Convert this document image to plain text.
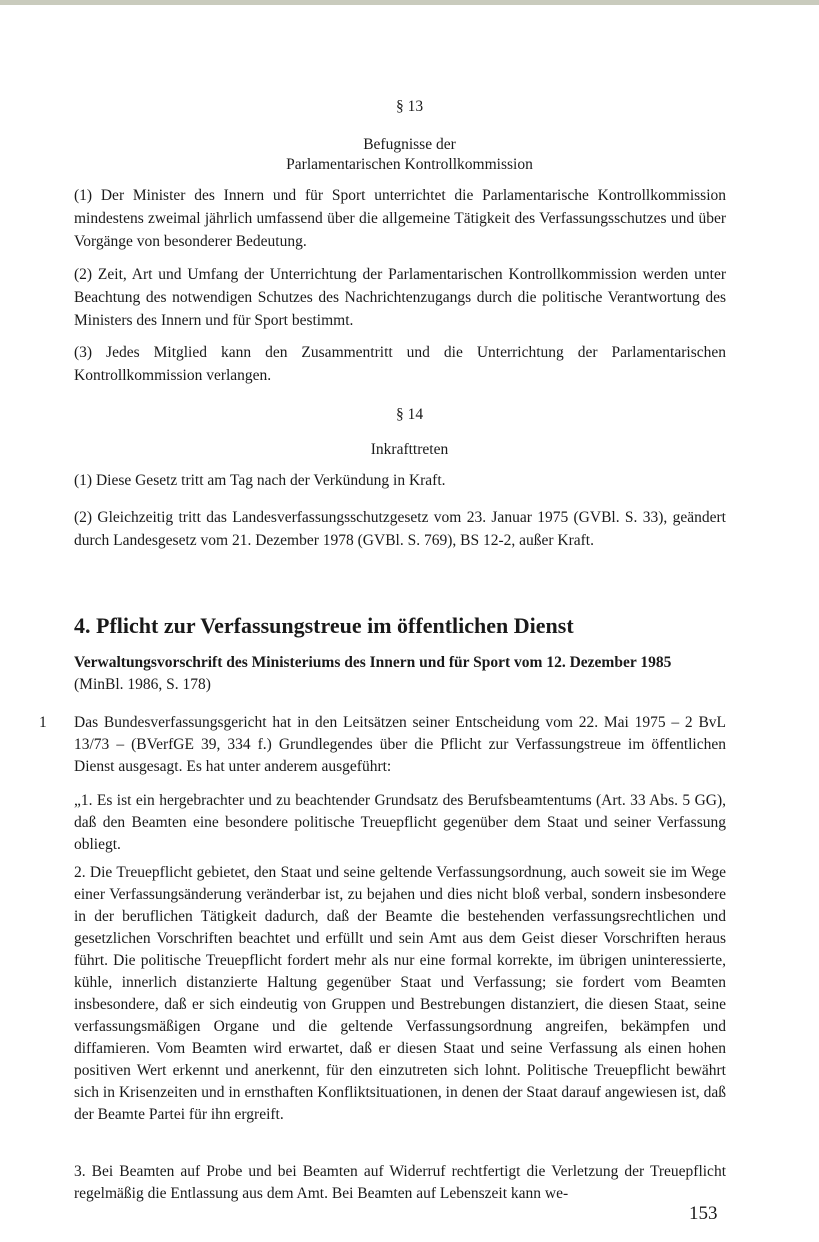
§ 13

Befugnisse der

Parlamentarischen Kontrollkommission

(1) Der Minister des Innern und für Sport unterrichtet die Parlamentarische Kontrollkommission mindestens zweimal jährlich umfassend über die allgemeine Tätigkeit des Verfassungsschutzes und über Vorgänge von besonderer Bedeutung.

(2) Zeit, Art und Umfang der Unterrichtung der Parlamentarischen Kontrollkommission werden unter Beachtung des notwendigen Schutzes des Nachrichtenzugangs durch die politische Verantwortung des Ministers des Innern und für Sport bestimmt.

(3) Jedes Mitglied kann den Zusammentritt und die Unterrichtung der Parlamentarischen Kontrollkommission verlangen.

§ 14

Inkrafttreten

(1) Diese Gesetz tritt am Tag nach der Verkündung in Kraft.

(2) Gleichzeitig tritt das Landesverfassungsschutzgesetz vom 23. Januar 1975 (GVBl. S. 33), geändert durch Landesgesetz vom 21. Dezember 1978 (GVBl. S. 769), BS 12-2, außer Kraft.

4. Pflicht zur Verfassungstreue im öffentlichen Dienst

Verwaltungsvorschrift des Ministeriums des Innern und für Sport vom 12. Dezember 1985
(MinBl. 1986, S. 178)

1 Das Bundesverfassungsgericht hat in den Leitsätzen seiner Entscheidung vom 22. Mai 1975 – 2 BvL 13/73 – (BVerfGE 39, 334 f.) Grundlegendes über die Pflicht zur Verfassungstreue im öffentlichen Dienst ausgesagt. Es hat unter anderem ausgeführt:

„1. Es ist ein hergebrachter und zu beachtender Grundsatz des Berufsbeamtentums (Art. 33 Abs. 5 GG), daß den Beamten eine besondere politische Treuepflicht gegenüber dem Staat und seiner Verfassung obliegt.

2. Die Treuepflicht gebietet, den Staat und seine geltende Verfassungsordnung, auch soweit sie im Wege einer Verfassungsänderung veränderbar ist, zu bejahen und dies nicht bloß verbal, sondern insbesondere in der beruflichen Tätigkeit dadurch, daß der Beamte die bestehenden verfassungsrechtlichen und gesetzlichen Vorschriften beachtet und erfüllt und sein Amt aus dem Geist dieser Vorschriften heraus führt. Die politische Treuepflicht fordert mehr als nur eine formal korrekte, im übrigen uninteressierte, kühle, innerlich distanzierte Haltung gegenüber Staat und Verfassung; sie fordert vom Beamten insbesondere, daß er sich eindeutig von Gruppen und Bestrebungen distanziert, die diesen Staat, seine verfassungsmäßigen Organe und die geltende Verfassungsordnung angreifen, bekämpfen und diffamieren. Vom Beamten wird erwartet, daß er diesen Staat und seine Verfassung als einen hohen positiven Wert erkennt und anerkennt, für den einzutreten sich lohnt. Politische Treuepflicht bewährt sich in Krisenzeiten und in ernsthaften Konfliktsituationen, in denen der Staat darauf angewiesen ist, daß der Beamte Partei für ihn ergreift.

3. Bei Beamten auf Probe und bei Beamten auf Widerruf rechtfertigt die Verletzung der Treuepflicht regelmäßig die Entlassung aus dem Amt. Bei Beamten auf Lebenszeit kann we-

153
